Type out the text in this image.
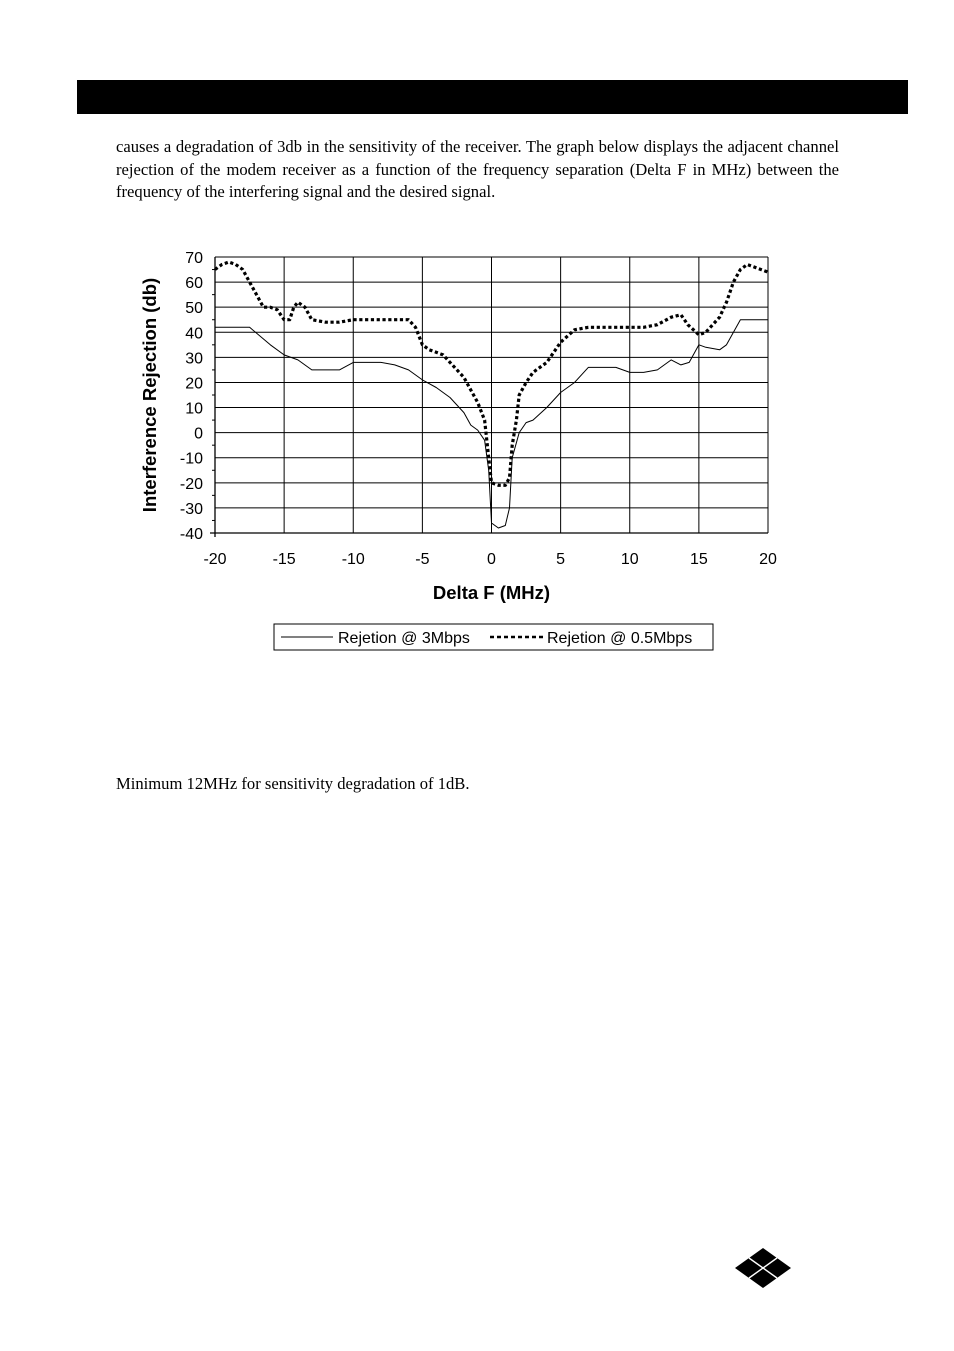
causes a degradation of 3db in the sensitivity of the receiver. The graph below displays the adjacent channel rejection of the modem receiver as a function of the frequency separation (Delta F in MHz) between the frequency of the interfering signal and the desired signal.

70
60
50
40
30
20
10
0
-10
-20
-30
-40
-20	-15	-10	-5	0	5	10	15	20
Delta F (MHz)
Interference Rejection (db)
Rejetion @ 3Mbps	Rejetion @ 0.5Mbps

Minimum 12MHz for sensitivity degradation of 1dB.
